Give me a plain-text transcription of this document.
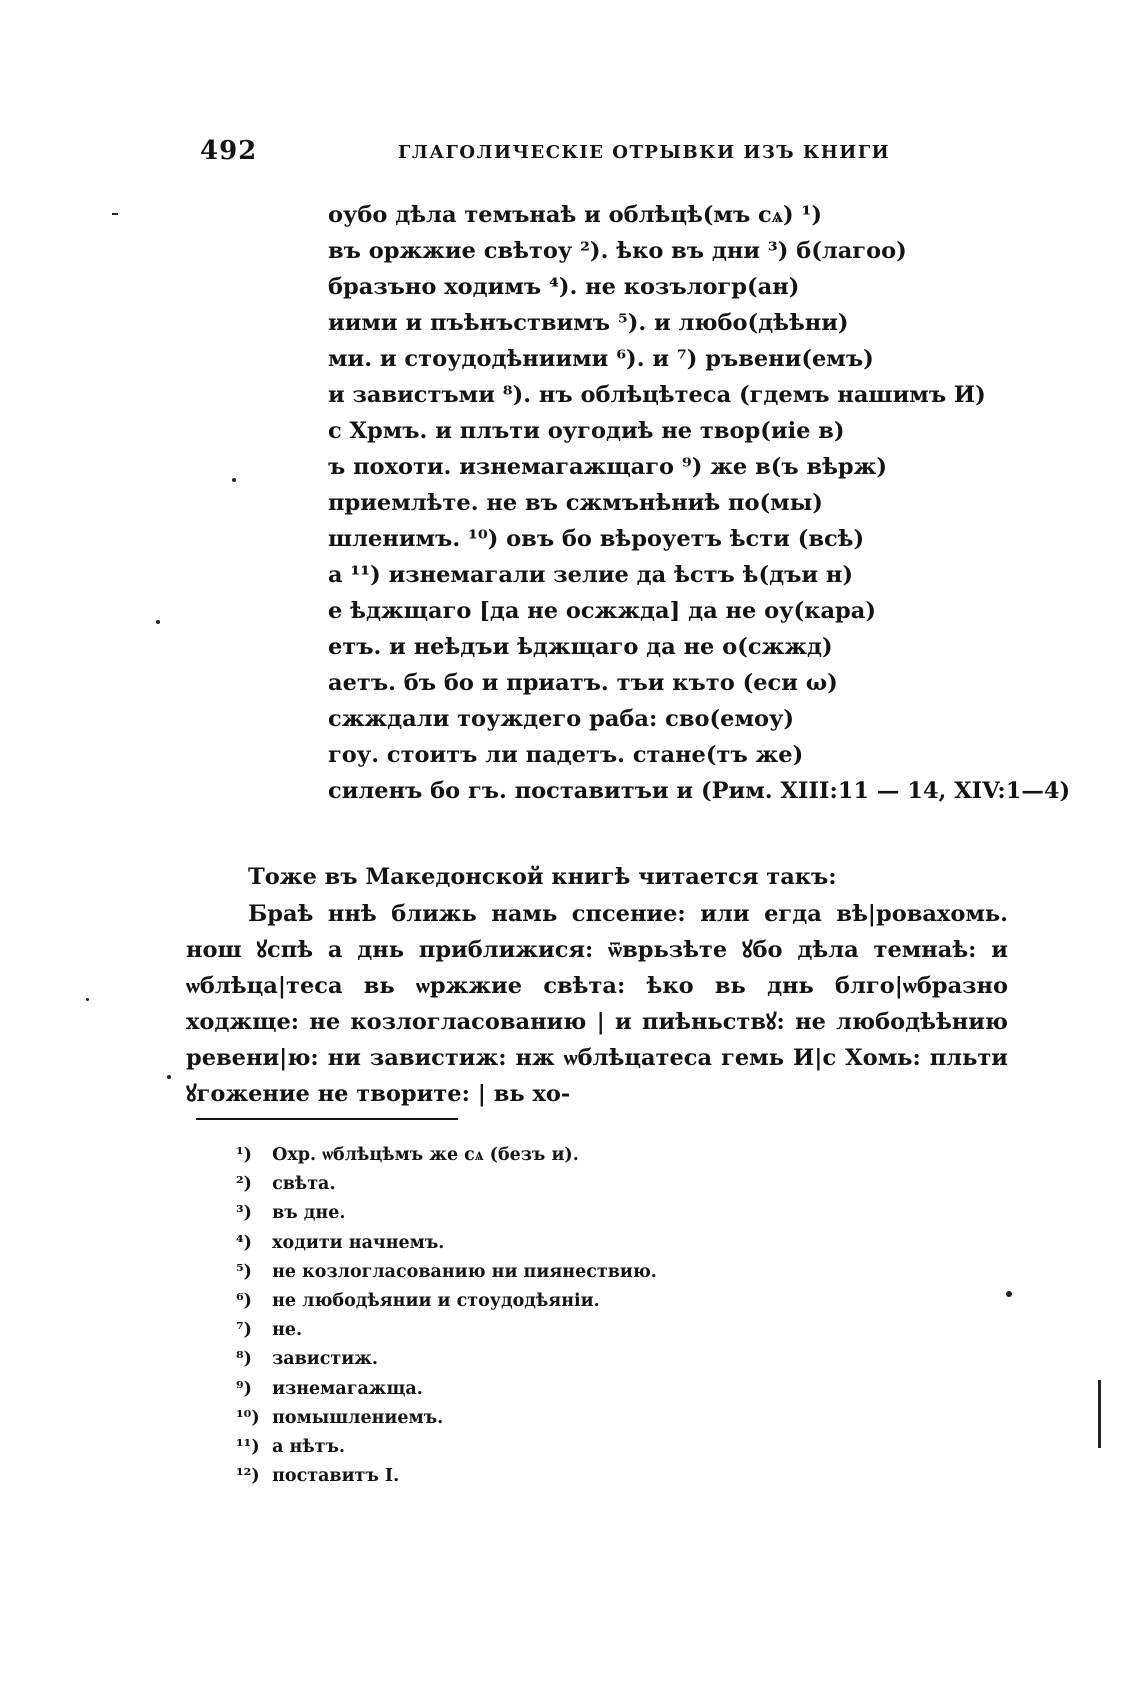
492	ГЛАГОЛИЧЕСКІЕ ОТРЫВКИ ИЗЪ КНИГИ
оубо дѣла темънаѣ и облѣцѣ(мъ сѧ) ¹)
въ оржжие свѣтоу ²). ѣко въ дни ³) б(лагоо)
бразъно ходимъ ⁴). не козълогр(ан)
иими и пъѣнъствимъ ⁵). и любо(дѣѣни)
ми. и стоудодѣниими ⁶). и ⁷) ръвени(емъ)
и завистъми ⁸). нъ облѣцѣтеса (гдемъ нашимъ И)
с Хрмъ. и плъти оугодиѣ не твор(иie в)
ъ похоти. изнемагажщаго ⁹) же в(ъ вѣрж)
приемлѣте. не въ сжмънѣниѣ по(мы)
шленимъ. ¹⁰) овъ бо вѣроуетъ ѣсти (всѣ)
а ¹¹) изнемагали зелие да ѣстъ ѣ(дъи н)
е ѣджщаго [да не осжжда] да не оу(кара)
етъ. и неѣдъи ѣджщаго да не о(сжжд)
аетъ. бъ бо и приатъ. тъи къто (еси ω)
сжждали тоуждего раба: сво(емоу)
гоу. стоитъ ли падетъ. стане(тъ же)
силенъ бо гъ. поставитъи и (Рим. XIII:11 — 14, XIV:1—4)

Тоже въ Македонской книгѣ читается такъ:

Браѣ ннѣ ближь намь спсение: или егда вѣ|ровахомь. нош ꙋспѣ а днь приближися: ѿврьзѣте ꙋбо дѣла темнаѣ: и ѡблѣца|теса вь ѡржжие свѣта: ѣко вь днь блго|ѡбразно ходжще: не козлогласованию | и пиѣньствꙋ: не любодѣѣнию ревени|ю: ни завистиж: нж ѡблѣцатеса гемь И|с Хомь: пльти ꙋгожение не творите: | вь хо-

¹) Охр. ѡблѣцѣмъ же сѧ (безъ и).
²) свѣта.
³) въ дне.
⁴) ходити начнемъ.
⁵) не козлогласованию ни пиянествию.
⁶) не любодѣянии и стоудодѣяніи.
⁷) не.
⁸) завистиж.
⁹) изнемагажща.
¹⁰) помышлениемъ.
¹¹) а нѣтъ.
¹²) поставитъ Ι.
